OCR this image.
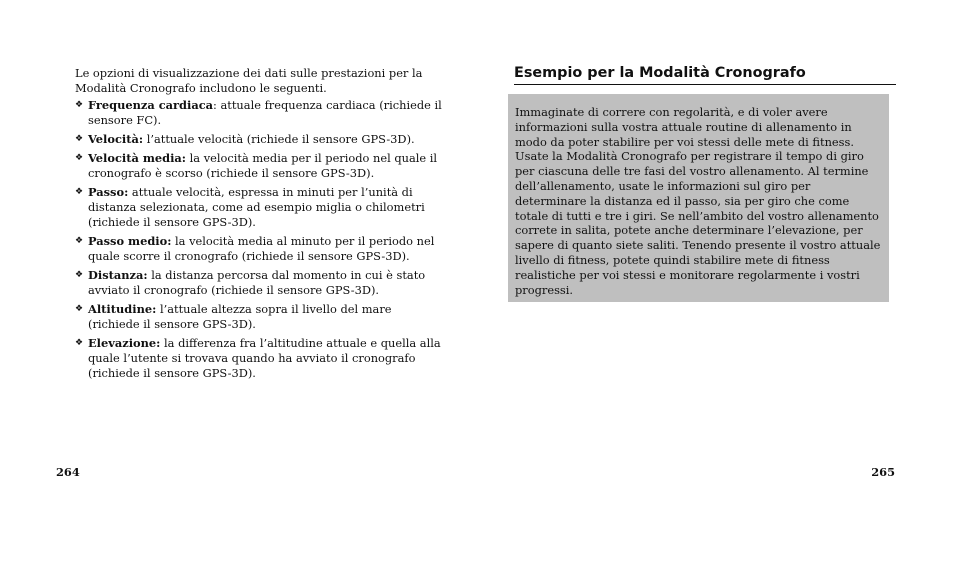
Le opzioni di visualizzazione dei dati sulle prestazioni per la Modalità Cronografo includono le seguenti.

❖ Frequenza cardiaca: attuale frequenza cardiaca (richiede il sensore FC).
❖ Velocità: l’attuale velocità (richiede il sensore GPS-3D).
❖ Velocità media: la velocità media per il periodo nel quale il cronografo è scorso (richiede il sensore GPS-3D).
❖ Passo: attuale velocità, espressa in minuti per l’unità di distanza selezionata, come ad esempio miglia o chilometri (richiede il sensore GPS-3D).
❖ Passo medio: la velocità media al minuto per il periodo nel quale scorre il cronografo (richiede il sensore GPS-3D).
❖ Distanza: la distanza percorsa dal momento in cui è stato avviato il cronografo (richiede il sensore GPS-3D).
❖ Altitudine: l’attuale altezza sopra il livello del mare (richiede il sensore GPS-3D).
❖ Elevazione: la differenza fra l’altitudine attuale e quella alla quale l’utente si trovava quando ha avviato il cronografo (richiede il sensore GPS-3D).

264

Esempio per la Modalità Cronografo

Immaginate di correre con regolarità, e di voler avere informazioni sulla vostra attuale routine di allenamento in modo da poter stabilire per voi stessi delle mete di fitness. Usate la Modalità Cronografo per registrare il tempo di giro per ciascuna delle tre fasi del vostro allenamento. Al termine dell’allenamento, usate le informazioni sul giro per determinare la distanza ed il passo, sia per giro che come totale di tutti e tre i giri. Se nell’ambito del vostro allenamento correte in salita, potete anche determinare l’elevazione, per sapere di quanto siete saliti. Tenendo presente il vostro attuale livello di fitness, potete quindi stabilire mete di fitness realistiche per voi stessi e monitorare regolarmente i vostri progressi.

265
